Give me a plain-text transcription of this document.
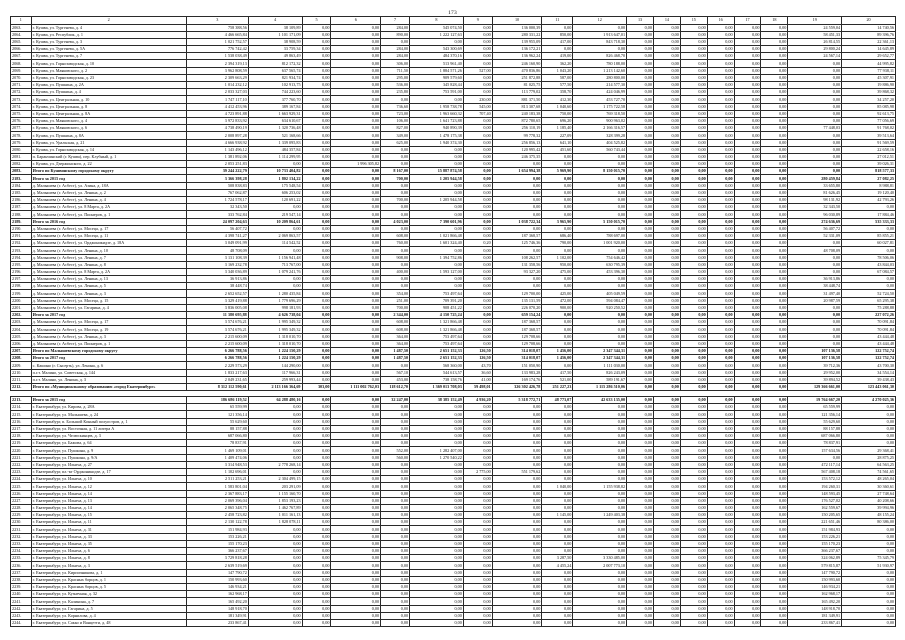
173
1	2	3	4	5	6	7	8	9	10	11	12	13	14	15	16	17	18	19	20
2063.	г. Кушва, ул. Тургенева, д. 4	758 388,56	38 109,89	0,00	0,00	284,00	545 074,50	0,00	136 000,39	0,00	0,00	0,00	0,00	0,00	0,00	0,00	0,00	24 559,04	14 740,56
2064.	г. Кушва, ул. Республик, д. 1	4 466 665,84	1 101 171,09	0,00	0,00	890,00	1 222 127,63	0,00	280 331,22	850,00	1 913 647,01	0,00	0,00	0,00	0,00	0,00	0,00	58 451,33	89 396,76
2065.	г. Кушва, ул. Тургенева, д. 3	1 021 752,57	38 908,59	0,00	0,00	0,00	0,00	0,00	139 955,09	417,00	843 718,30	0,00	0,00	0,00	0,00	0,00	0,00	26 814,55	22 361,13
2066.	г. Кушва, ул. Тургенева, д. 5А	776 742,42	33 759,34	0,00	0,00	284,00	543 300,69	0,00	136 172,21	0,00	0,00	0,00	0,00	0,00	0,00	0,00	0,00	29 800,24	14 645,89
2067.	г. Кушва, ул. Тургенева, д. 7	1 538 038,49	49 863,49	0,00	0,00	284,00	484 370,16	0,00	136 962,24	419,00	826 468,70	0,00	0,00	0,00	0,00	0,00	0,00	24 567,14	29 652,77
2068.	г. Кушва, ул. Горнозаводская, д. 10	2 394 319,13	812 172,32	0,00	0,00	306,00	513 961,40	0,00	246 160,90	362,20	780 188,00	0,00	0,00	0,00	0,00	0,00	0,00	0,00	44 995,82
2069.	г. Кушва, ул. Маяковского, д. 2	3 962 808,59	637 565,74	0,00	0,00	711,50	1 884 571,26	527,00	470 836,86	1 043,20	1 213 142,60	0,00	0,00	0,00	0,00	0,00	0,00	0,00	77 938,11
2070.	г. Кушва, ул. Горнозаводская, д. 23	2 309 663,29	821 934,74	0,00	0,00	295,00	909 579,60	0,00	251 872,88	587,00	280 800,00	0,00	0,00	0,00	0,00	0,00	0,00	0,00	45 307,91
2071.	г. Кушва, ул. Пушкина, д. 2А	1 014 232,12	102 913,75	0,00	0,00	536,00	345 828,44	0,00	81 025,75	577,50	214 577,30	0,00	0,00	0,00	0,00	0,00	0,00	0,00	19 886,90
2072.	г. Кушва, ул. Пушкина, д. 4	2 033 327,03	744 223,60	0,00	0,00	235,80	753 591,00	0,00	113 779,02	358,70	424 046,99	0,00	0,00	0,00	0,00	0,00	0,00	0,00	39 868,32
2073.	г. Кушва, ул. Центральная, д. 10	1 747 117,10	377 760,70	0,00	0,00	0,00	0,00	230,00	881 371,50	412,30	453 727,70	0,00	0,00	0,00	0,00	0,00	0,00	0,00	34 257,20
2074.	г. Кушва, ул. Центральная, д. 8	4 412 453,96	389 167,84	0,00	0,00	736,60	1 958 738,78	545,00	813 307,68	1 040,60	1 175 722,58	0,00	0,00	0,00	0,00	0,00	0,00	0,00	85 085,98
2075.	г. Кушва, ул. Центральная, д. 8А	4 723 891,88	1 663 929,31	0,00	0,00	723,00	1 963 660,32	707,40	240 183,38	750,00	769 318,50	0,00	0,00	0,00	0,00	0,00	0,00	0,00	92 613,75
2076.	г. Кушва, ул. Маяковского, д. 4	3 972 833,92	634 610,67	0,00	0,00	106,00	1 641 723,88	0,00	872 780,65	696,20	900 963,02	0,00	0,00	0,00	0,00	0,00	0,00	0,00	77 056,69
2077.	г. Кушва, ул. Маяковского, д. 6	4 738 490,19	1 320 736,48	0,00	0,00	827,00	940 890,39	0,00	256 110,19	1 185,40	2 166 316,57	0,00	0,00	0,00	0,00	0,00	0,00	77 448,03	91 768,02
2078.	г. Кушва, ул. Пушкина, д. 8А	2 008 897,28	521 168,66	0,00	0,00	349,00	1 478 175,38	0,00	99 778,32	227,09	328 399,28	0,00	0,00	0,00	0,00	0,00	0,00	0,00	39 513,64
2079.	г. Кушва, ул. Уральская, д. 21	4 666 938,92	1 339 095,83	0,00	0,00	625,00	1 940 374,30	0,00	256 856,13	641,10	404 525,82	0,00	0,00	0,00	0,00	0,00	0,00	0,00	91 569,59
2080.	г. Кушва, ул. Горнозаводская, д. 14	1 143 496,12	484 357,84	0,00	0,00	0,00	0,00	0,00	120 995,42	451,60	560 743,44	0,00	0,00	0,00	0,00	0,00	0,00	0,00	22 658,16
2081.	п. Баранчинский (г. Кушва), пер. Клубный, д. 1	1 381 892,06	1 114 299,95	0,00	0,00	0,00	0,00	0,00	246 375,35	0,00	0,00	0,00	0,00	0,00	0,00	0,00	0,00	0,00	27 012,51
2082.	г. Кушва, ул. Дзержинского, д. 22	2 053 251,83	0,00	0,00	1 996 305,82	0,00	0,00	0,00	0,00	0,00	0,00	0,00	0,00	0,00	0,00	0,00	0,00	0,00	39 026,31
2083.	Итого по Кушвинскому городскому округу	39 244 222,79	10 733 404,82	0,00	0,00	8 167,00	15 887 874,58	0,00	1 654 994,38	5 969,90	8 150 015,70	0,00	0,00	0,00	0,00	0,00	0,00	0,00	818 577,33
2183.	Итого за 2015 год	3 366 398,28	1 802 134,22	0,00	0,00	700,00	1 205 944,58	0,00	0,00	0,00	0,00	0,00	0,00	0,00	0,00	0,00	0,00	280 459,84	27 082,25
2184.	д. Малышева (г. Асбест), ул. Азина, д. 18А	508 838,83	175 548,54	0,00	0,00	0,00	0,00	0,00	0,00	0,00	0,00	0,00	0,00	0,00	0,00	0,00	0,00	33 655,80	8 988,81
2185.	д. Малышева (г. Асбест), ул. Ленина, д. 2	767 062,87	606 253,02	0,00	0,00	0,00	0,00	0,00	0,00	0,00	0,00	0,00	0,00	0,00	0,00	0,00	0,00	81 626,45	19 120,40
2186.	д. Малышева (г. Асбест), ул. Ленина, д. 4	1 724 578,17	120 691,22	0,00	0,00	700,00	1 205 944,58	0,00	0,00	0,00	0,00	0,00	0,00	0,00	0,00	0,00	0,00	98 131,92	42 793,26
2187.	д. Малышева (г. Асбест), ул. 8 Марта, д. 2А	32 343,50	0,00	0,00	0,00	0,00	0,00	0,00	0,00	0,00	0,00	0,00	0,00	0,00	0,00	0,00	0,00	32 343,50	0,00
2188.	д. Малышева (г. Асбест), ул. Пионеров, д. 1	333 762,84	219 547,14	0,00	0,00	0,00	0,00	0,00	0,00	0,00	0,00	0,00	0,00	0,00	0,00	0,00	0,00	96 030,89	17 884,46
2189.	Итого за 2016 год	24 097 204,63	10 209 864,61	0,00	0,00	4 023,00	7 390 601,96	0,00	1 038 722,34	3 965,90	5 150 015,70	0,00	0,00	0,00	0,00	0,00	0,00	274 636,69	535 333,33
2190.	д. Малышева (г. Асбест), ул. Мосеца, д. 17	56 407,72	0,00	0,00	0,00	0,00	0,00	0,00	0,00	0,00	0,00	0,00	0,00	0,00	0,00	0,00	0,00	56 407,72	0,00
2191.	д. Малышева (г. Асбест), ул. Мосеца, д. 11	4 398 741,27	2 069 863,57	0,00	0,00	608,00	1 021 866,48	0,00	187 368,57	686,40	788 697,00	0,00	0,00	0,00	0,00	0,00	0,00	52 331,09	85 855,21
2192.	д. Малышева (г. Асбест), ул. Орджоникидзе, д. 18А	3 049 091,99	114 542,52	0,00	0,00	760,00	1 601 324,40	0,20	125 746,36	790,00	1 001 920,00	0,00	0,00	0,00	0,00	0,00	0,00	0,00	60 027,81
2193.	д. Малышева (г. Асбест), ул. Ленина, д. 10	48 708,09	0,00	0,00	0,00	0,00	0,00	0,00	0,00	0,00	0,00	0,00	0,00	0,00	0,00	0,00	0,00	48 708,09	0,00
2194.	д. Малышева (г. Асбест), ул. Ленина, д. 7	3 131 108,39	1 156 941,48	0,00	0,00	908,00	1 394 752,86	0,00	108 262,57	1 102,00	754 646,42	0,00	0,00	0,00	0,00	0,00	0,00	0,00	78 506,06
2195.	д. Малышева (г. Асбест), ул. Ленина, д. 8	3 169 232,78	713 767,00	0,00	0,00	0,00	0,00	0,00	131 358,56	950,00	630 795,39	0,00	0,00	0,00	0,00	0,00	0,00	0,00	43 844,03
2196.	д. Малышева (г. Асбест), ул. 8 Марта, д. 2А	3 340 036,89	1 079 241,76	0,00	0,00	400,00	1 593 127,00	0,00	93 327,20	475,00	453 396,30	0,00	0,00	0,00	0,00	0,00	0,00	0,00	67 084,57
2197.	д. Малышева (г. Асбест), ул. Ленина, д. 13	36 913,86	0,00	0,00	0,00	0,00	0,00	0,00	0,00	0,00	0,00	0,00	0,00	0,00	0,00	0,00	0,00	36 913,86	0,00
2198.	д. Малышева (г. Асбест), ул. Ленина, д. 5	38 448,74	0,00	0,00	0,00	0,00	0,00	0,00	0,00	0,00	0,00	0,00	0,00	0,00	0,00	0,00	0,00	38 448,74	0,00
2199.	д. Малышева (г. Асбест), ул. Ленина, д. 3	2 652 652,57	1 280 435,84	0,00	0,00	354,00	753 497,64	0,00	129 700,00	425,00	405 049,59	0,00	0,00	0,00	0,00	0,00	0,00	31 497,40	52 724,50
2200.	д. Малышева (г. Асбест), ул. Мосеца, д. 15	3 329 419,88	1 779 696,29	0,00	0,00	251,00	709 391,20	0,00	135 131,59	472,00	594 084,47	0,00	0,00	0,00	0,00	0,00	0,00	20 987,59	65 295,38
2201.	д. Малышева (г. Асбест), ул. Гагарина, д. 4	3 836 005,08	998 181,93	0,00	0,00	700,00	908 451,22	0,00	226 070,20	900,00	920 250,52	0,00	0,00	0,00	0,00	0,00	0,00	0,00	75 288,88
2202.	Итого за 2017 год	11 380 695,88	4 626 738,04	0,00	0,00	2 344,00	4 150 725,24	0,00	659 154,24	0,00	0,00	0,00	0,00	0,00	0,00	0,00	0,00	0,00	227 072,26
2203.	д. Малышева (г. Асбест), ул. Мосеца, д. 17	3 574 676,21	1 995 349,32	0,00	0,00	608,00	1 321 866,48	0,00	187 368,57	0,00	0,00	0,00	0,00	0,00	0,00	0,00	0,00	0,00	70 091,84
2204.	д. Малышева (г. Асбест), ул. Мосеца, д. 19	3 574 676,21	1 995 349,32	0,00	0,00	608,00	1 321 866,48	0,00	187 368,57	0,00	0,00	0,00	0,00	0,00	0,00	0,00	0,00	0,00	70 091,84
2205.	д. Малышева (г. Асбест), ул. Ленина, д. 3	2 215 600,09	1 318 010,70	0,00	0,00	364,00	753 497,64	0,00	129 708,66	0,00	0,00	0,00	0,00	0,00	0,00	0,00	0,00	0,00	43 444,48
2206.	д. Малышева (г. Асбест), ул. Пионеров, д. 1	2 215 600,09	1 318 010,70	0,00	0,00	364,00	753 497,64	0,00	129 708,66	0,00	0,00	0,00	0,00	0,00	0,00	0,00	0,00	0,00	43 444,48
2207.	Итого по Малышевскому городскому округу	6 266 788,56	1 224 150,29	0,00	0,00	1 487,50	2 651 152,33	126,50	314 018,07	1 456,00	2 347 344,31	0,00	0,00	0,00	0,00	0,00	0,00	107 136,58	122 752,74
2208.	Итого за 2017 год	6 266 788,56	1 224 150,29	0,00	0,00	1 487,50	2 651 152,33	126,50	314 018,07	1 456,00	2 347 344,31	0,00	0,00	0,00	0,00	0,00	0,00	107 136,58	122 752,74
2209.	с. Кашино (г. Сысерть), ул. Ленина, д. 6	2 229 573,29	144 290,00	0,00	0,00	0,00	568 360,00	43,70	151 050,90	0,00	1 111 030,00	0,00	0,00	0,00	0,00	0,00	0,00	39 712,36	43 700,30
2210.	п.г.т. Малино, ул. Советская, д. 144	1 833 217,63	117 966,31	0,00	0,00	567,10	544 613,57	36,60	133 983,28	417,50	826 243,09	0,00	0,00	0,00	0,00	0,00	0,00	29 952,00	34 554,14
2211.	п.г.т. Малино, ул. Ленина, д. 3	2 049 231,65	259 993,44	0,00	0,00	453,00	738 158,76	41,00	169 174,76	521,00	589 191,67	0,00	0,00	0,00	0,00	0,00	0,00	39 894,52	39 438,43
2212.	Итого по «Муниципальному образованию «город Екатеринбург»	8 312 112 590,61	2 113 166 364,69	303,00	1 111 002 762,03	118 612,70	1 369 013 708,03	59 498,01	326 302 426,78	251 227,23	1 115 286 510,06	0,00	0,00	0,00	0,00	0,00	0,00	129 366 661,00	123 443 061,30

2213.	Итого за 2015 год	186 686 119,52	64 288 480,16	0,00	0,00	32 247,00	38 385 152,49	4 936,20	5 318 772,71	48 773,07	42 633 135,00	0,00	0,00	0,00	0,00	0,00	0,00	19 764 667,20	4 270 025,36
2214.	г. Екатеринбург, ул. Кирова, д. 28А	65 559,99	0,00	0,00	0,00	0,00	0,00	0,00	0,00	0,00	0,00	0,00	0,00	0,00	0,00	0,00	0,00	65 559,99	0,00
2215.	г. Екатеринбург, ул. Малышева, д. 24	121 356,14	0,00	0,00	0,00	0,00	0,00	0,00	0,00	0,00	0,00	0,00	0,00	0,00	0,00	0,00	0,00	121 356,14	0,00
2216.	г. Екатеринбург, п. Большой Конный полуостров, д. 1	55 629,60	0,00	0,00	0,00	0,00	0,00	0,00	0,00	0,00	0,00	0,00	0,00	0,00	0,00	0,00	0,00	55 629,60	0,00
2217.	г. Екатеринбург, ул. Восточная, д. 11 литера А	88 157,88	0,00	0,00	0,00	0,00	0,00	0,00	0,00	0,00	0,00	0,00	0,00	0,00	0,00	0,00	0,00	88 157,88	0,00
2218.	г. Екатеринбург, ул. Челюскинцев, д. 3	687 066,80	0,00	0,00	0,00	0,00	0,00	0,00	0,00	0,00	0,00	0,00	0,00	0,00	0,00	0,00	0,00	687 066,80	0,00
2219.	г. Екатеринбург, ул. Бажова, д. 64	78 837,91	0,00	0,00	0,00	0,00	0,00	0,00	0,00	0,00	0,00	0,00	0,00	0,00	0,00	0,00	0,00	78 837,91	0,00
2220.	г. Екатеринбург, ул. Пушкина, д. 9	1 469 109,01	0,00	0,00	0,00	552,00	1 282 407,00	0,00	0,00	0,00	0,00	0,00	0,00	0,00	0,00	0,00	0,00	157 634,56	29 368,41
2221.	г. Екатеринбург, ул. Пушкина, д. 9/А	1 409 474,06	0,00	0,00	0,00	560,00	1 270 540,22	0,00	0,00	0,00	0,00	0,00	0,00	0,00	0,00	0,00	0,00	0,00	28 875,25
2222.	г. Екатеринбург, ул. Ильича, д. 27	3 314 948,53	2 778 268,14	0,00	0,00	0,00	0,00	0,00	0,00	0,00	0,00	0,00	0,00	0,00	0,00	0,00	0,00	472 117,14	64 563,25
2223.	г. Екатеринбург, пл.-кт Орджоникидзе, д. 17	1 102 696,01	0,00	0,00	0,00	0,00	0,00	2 775,00	551 179,62	0,00	0,00	0,00	0,00	0,00	0,00	0,00	0,00	567 408,18	74 561,65
2224.	г. Екатеринбург, ул. Ильича, д. 10	2 511 253,21	2 304 499,15	0,00	0,00	0,00	0,00	0,00	0,00	0,00	0,00	0,00	0,00	0,00	0,00	0,00	0,00	153 572,12	48 265,04
2225.	г. Екатеринбург, ул. Ильича, д. 12	1 583 801,04	203 291,09	0,00	0,00	0,00	0,00	0,00	0,00	1 040,00	1 155 938,82	0,00	0,00	0,00	0,00	0,00	0,00	194 260,31	30 360,61
2226.	г. Екатеринбург, ул. Ильича, д. 14	2 367 883,17	1 155 160,70	0,00	0,00	0,00	0,00	0,00	0,00	0,00	0,00	0,00	0,00	0,00	0,00	0,00	0,00	148 593,45	27 748,64
2227.	г. Екатеринбург, ул. Ильича, д. 13	2 069 396,04	1 853 193,23	0,00	0,00	0,00	0,00	0,00	0,00	0,00	0,00	0,00	0,00	0,00	0,00	0,00	0,00	176 527,02	40 208,66
2228.	г. Екатеринбург, ул. Ильича, д. 14	2 065 348,75	1 462 767,89	0,00	0,00	0,00	0,00	0,00	0,00	0,00	0,00	0,00	0,00	0,00	0,00	0,00	0,00	162 559,67	39 994,96
2229.	г. Екатеринбург, ул. Ильича, д. 15	2 458 723,82	1 011 161,13	0,00	0,00	0,00	0,00	0,00	0,00	1 145,00	1 249 403,38	0,00	0,00	0,00	0,00	0,00	0,00	150 205,65	48 155,24
2230.	г. Екатеринбург, ул. Ильича, д. 11	2 130 122,78	1 828 078,11	0,00	0,00	0,00	0,00	0,00	0,00	0,00	0,00	0,00	0,00	0,00	0,00	0,00	0,00	221 651,46	80 386,00
2231.	г. Екатеринбург, ул. Ильича, д. 31	151 984,93	0,00	0,00	0,00	0,00	0,00	0,00	0,00	0,00	0,00	0,00	0,00	0,00	0,00	0,00	0,00	151 984,93	0,00
2232.	г. Екатеринбург, ул. Ильича, д. 33	153 226,21	0,00	0,00	0,00	0,00	0,00	0,00	0,00	0,00	0,00	0,00	0,00	0,00	0,00	0,00	0,00	153 226,21	0,00
2233.	г. Екатеринбург, ул. Ильича, д. 35	155 170,23	0,00	0,00	0,00	0,00	0,00	0,00	0,00	0,00	0,00	0,00	0,00	0,00	0,00	0,00	0,00	155 170,23	0,00
2234.	г. Екатеринбург, ул. Ильича, д. 6	366 237,67	0,00	0,00	0,00	0,00	0,00	0,00	0,00	0,00	0,00	0,00	0,00	0,00	0,00	0,00	0,00	366 237,67	0,00
2235.	г. Екатеринбург, ул. Ильича, д. 8	3 729 818,28	0,00	0,00	0,00	0,00	0,00	0,00	0,00	3 287,50	3 330 485,00	0,00	0,00	0,00	0,00	0,00	0,00	324 062,89	75 345,79
2236.	г. Екатеринбург, ул. Ильича, д. 3	2 639 519,69	0,00	0,00	0,00	0,00	0,00	0,00	0,00	4 455,24	2 007 773,10	0,00	0,00	0,00	0,00	0,00	0,00	579 815,87	51 930,97
2237.	г. Екатеринбург, ул. Кирпичникова, д. 1	147 790,72	0,00	0,00	0,00	0,00	0,00	0,00	0,00	0,00	0,00	0,00	0,00	0,00	0,00	0,00	0,00	147 790,72	0,00
2238.	г. Екатеринбург, ул. Красных борцов, д. 1	150 993,60	0,00	0,00	0,00	0,00	0,00	0,00	0,00	0,00	0,00	0,00	0,00	0,00	0,00	0,00	0,00	150 993,60	0,00
2239.	г. Екатеринбург, ул. Красных борцов, д. 5	146 934,21	0,00	0,00	0,00	0,00	0,00	0,00	0,00	0,00	0,00	0,00	0,00	0,00	0,00	0,00	0,00	146 934,21	0,00
2240.	г. Екатеринбург, ул. Кузнечная, д. 32	162 968,17	0,00	0,00	0,00	0,00	0,00	0,00	0,00	0,00	0,00	0,00	0,00	0,00	0,00	0,00	0,00	162 968,17	0,00
2241.	г. Екатеринбург, ул. Калинина, д. 7	165 492,20	0,00	0,00	0,00	0,00	0,00	0,00	0,00	0,00	0,00	0,00	0,00	0,00	0,00	0,00	0,00	165 492,20	0,00
2242.	г. Екатеринбург, ул. Гагарина, д. 5	148 918,70	0,00	0,00	0,00	0,00	0,00	0,00	0,00	0,00	0,00	0,00	0,00	0,00	0,00	0,00	0,00	148 918,70	0,00
2243.	г. Екатеринбург, ул. Корнилова, д. 4	181 349,91	0,00	0,00	0,00	0,00	0,00	0,00	0,00	0,00	0,00	0,00	0,00	0,00	0,00	0,00	0,00	181 349,91	0,00
2244.	г. Екатеринбург, ул. Сакко и Ванцетти, д. 48	233 867,41	0,00	0,00	0,00	0,00	0,00	0,00	0,00	0,00	0,00	0,00	0,00	0,00	0,00	0,00	0,00	233 867,41	0,00
